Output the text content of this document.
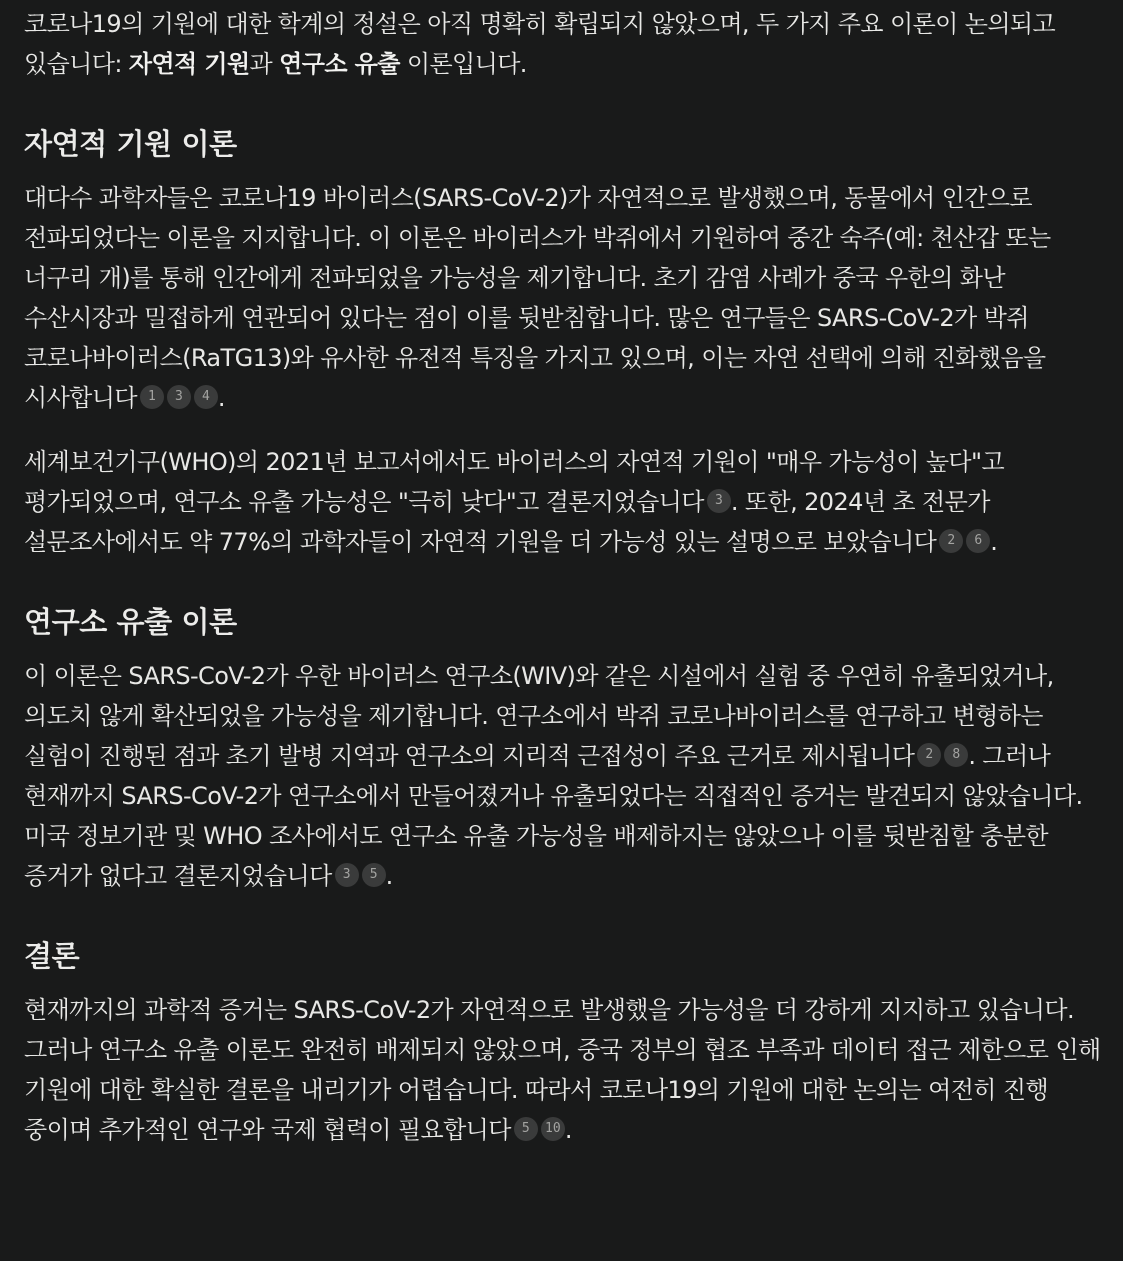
코로나19의 기원에 대한 학계의 정설은 아직 명확히 확립되지 않았으며, 두 가지 주요 이론이 논의되고 있습니다: 자연적 기원과 연구소 유출 이론입니다.

자연적 기원 이론

대다수 과학자들은 코로나19 바이러스(SARS-CoV-2)가 자연적으로 발생했으며, 동물에서 인간으로 전파되었다는 이론을 지지합니다. 이 이론은 바이러스가 박쥐에서 기원하여 중간 숙주(예: 천산갑 또는 너구리 개)를 통해 인간에게 전파되었을 가능성을 제기합니다. 초기 감염 사례가 중국 우한의 화난 수산시장과 밀접하게 연관되어 있다는 점이 이를 뒷받침합니다. 많은 연구들은 SARS-CoV-2가 박쥐 코로나바이러스(RaTG13)와 유사한 유전적 특징을 가지고 있으며, 이는 자연 선택에 의해 진화했음을 시사합니다 1 3 4 .

세계보건기구(WHO)의 2021년 보고서에서도 바이러스의 자연적 기원이 "매우 가능성이 높다"고 평가되었으며, 연구소 유출 가능성은 "극히 낮다"고 결론지었습니다 3 . 또한, 2024년 초 전문가 설문조사에서도 약 77%의 과학자들이 자연적 기원을 더 가능성 있는 설명으로 보았습니다 2 6 .

연구소 유출 이론

이 이론은 SARS-CoV-2가 우한 바이러스 연구소(WIV)와 같은 시설에서 실험 중 우연히 유출되었거나, 의도치 않게 확산되었을 가능성을 제기합니다. 연구소에서 박쥐 코로나바이러스를 연구하고 변형하는 실험이 진행된 점과 초기 발병 지역과 연구소의 지리적 근접성이 주요 근거로 제시됩니다 2 8 . 그러나 현재까지 SARS-CoV-2가 연구소에서 만들어졌거나 유출되었다는 직접적인 증거는 발견되지 않았습니다. 미국 정보기관 및 WHO 조사에서도 연구소 유출 가능성을 배제하지는 않았으나 이를 뒷받침할 충분한 증거가 없다고 결론지었습니다 3 5 .

결론

현재까지의 과학적 증거는 SARS-CoV-2가 자연적으로 발생했을 가능성을 더 강하게 지지하고 있습니다. 그러나 연구소 유출 이론도 완전히 배제되지 않았으며, 중국 정부의 협조 부족과 데이터 접근 제한으로 인해 기원에 대한 확실한 결론을 내리기가 어렵습니다. 따라서 코로나19의 기원에 대한 논의는 여전히 진행 중이며 추가적인 연구와 국제 협력이 필요합니다 5 10 .
